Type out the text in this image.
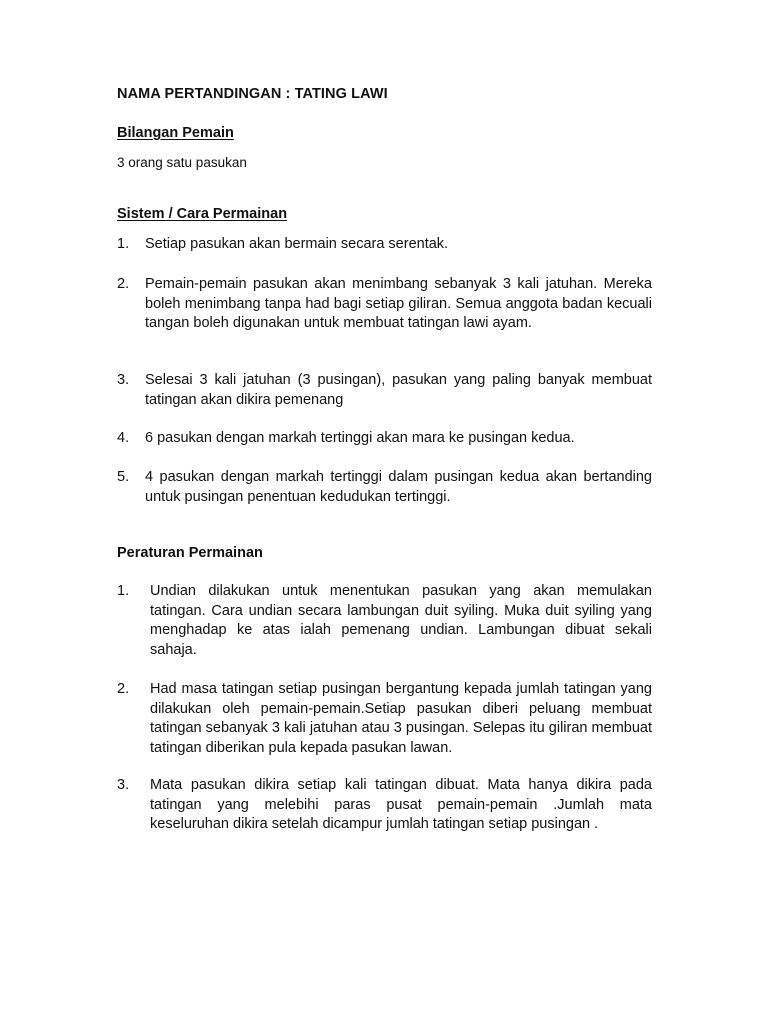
NAMA PERTANDINGAN : TATING LAWI
Bilangan Pemain
3 orang satu pasukan
Sistem / Cara Permainan
1. Setiap pasukan akan bermain secara serentak.
2. Pemain-pemain pasukan akan menimbang sebanyak 3 kali jatuhan. Mereka boleh menimbang tanpa had bagi setiap giliran. Semua anggota badan kecuali tangan boleh digunakan untuk membuat tatingan lawi ayam.
3. Selesai 3 kali jatuhan (3 pusingan), pasukan yang paling banyak membuat tatingan akan dikira pemenang
4. 6 pasukan dengan markah tertinggi akan mara ke pusingan kedua.
5. 4 pasukan dengan markah tertinggi dalam pusingan kedua akan bertanding untuk pusingan penentuan kedudukan tertinggi.
Peraturan Permainan
1. Undian dilakukan untuk menentukan pasukan yang akan memulakan tatingan. Cara undian secara lambungan duit syiling. Muka duit syiling yang menghadap ke atas ialah pemenang undian. Lambungan dibuat sekali sahaja.
2. Had masa tatingan setiap pusingan bergantung kepada jumlah tatingan yang dilakukan oleh pemain-pemain.Setiap pasukan diberi peluang membuat tatingan sebanyak 3 kali jatuhan atau 3 pusingan. Selepas itu giliran membuat tatingan diberikan pula kepada pasukan lawan.
3. Mata pasukan dikira setiap kali tatingan dibuat. Mata hanya dikira pada tatingan yang melebihi paras pusat pemain-pemain .Jumlah mata keseluruhan dikira setelah dicampur jumlah tatingan setiap pusingan .
